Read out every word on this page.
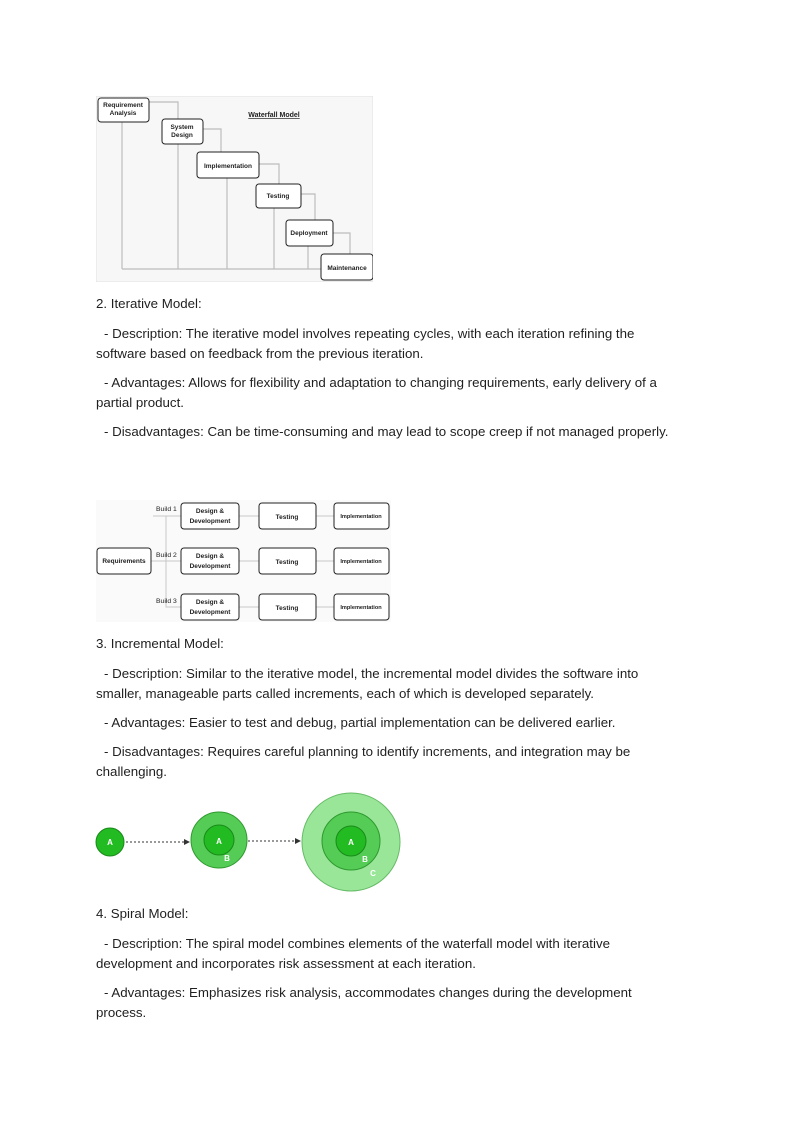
Requirement
Analysis
System
Design
Implementation
Testing
Deployment
Maintenance
Waterfall Model
2. Iterative Model:
- Description: The iterative model involves repeating cycles, with each iteration refining the software based on feedback from the previous iteration.
- Advantages: Allows for flexibility and adaptation to changing requirements, early delivery of a partial product.
- Disadvantages: Can be time-consuming and may lead to scope creep if not managed properly.
Build 1
Build 2
Build 3
Requirements
Design &
Development
Design &
Development
Design &
Development
Testing
Testing
Testing
Implementation
Implementation
Implementation
3. Incremental Model:
- Description: Similar to the iterative model, the incremental model divides the software into smaller, manageable parts called increments, each of which is developed separately.
- Advantages: Easier to test and debug, partial implementation can be delivered earlier.
- Disadvantages: Requires careful planning to identify increments, and integration may be challenging.
A	A
B
A
B
C
4. Spiral Model:
- Description: The spiral model combines elements of the waterfall model with iterative development and incorporates risk assessment at each iteration.
- Advantages: Emphasizes risk analysis, accommodates changes during the development process.
